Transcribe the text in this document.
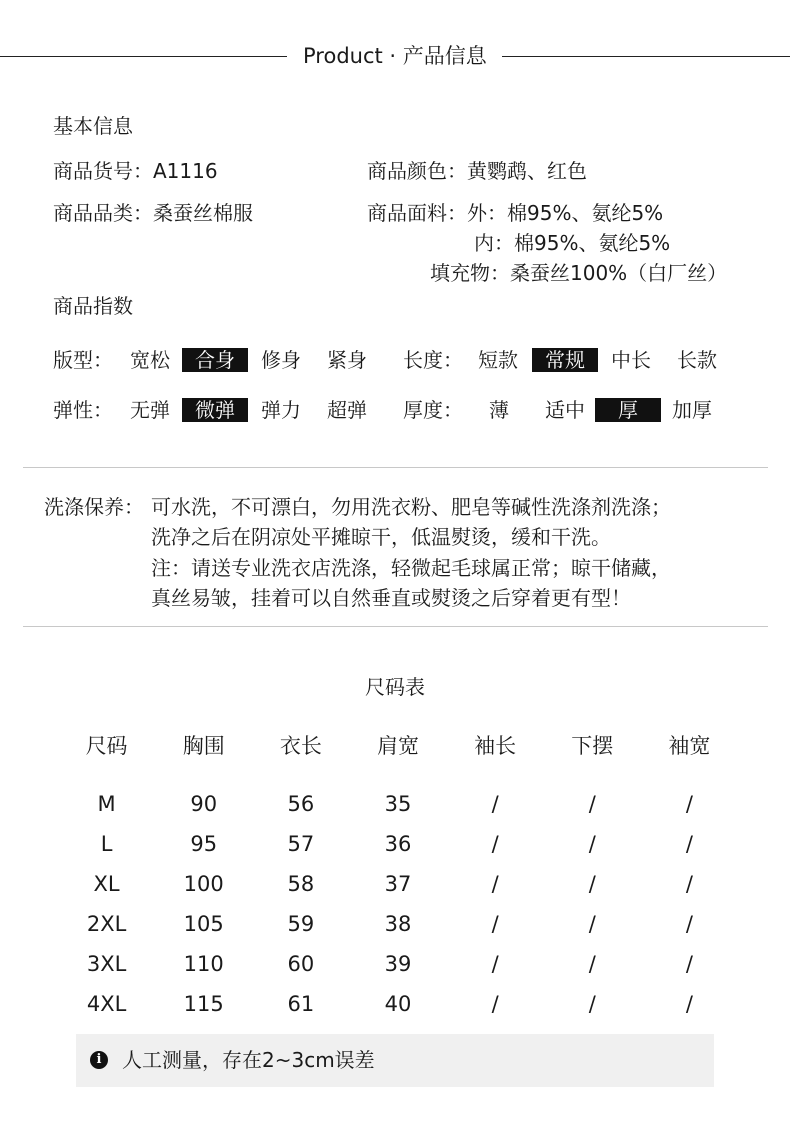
Product · 产品信息
基本信息
商品货号：A1116	商品颜色：黄鹦鹉、红色
商品品类：桑蚕丝棉服	商品面料：外：棉95%、氨纶5%
内：棉95%、氨纶5%
填充物：桑蚕丝100%（白厂丝）
商品指数
版型： 宽松	合身	修身 紧身 长度： 短款	常规	中长 长款
弹性： 无弹	微弹	弹力 超弹 厚度： 薄 适中	厚	加厚
洗涤保养： 可水洗，不可漂白，勿用洗衣粉、肥皂等碱性洗涤剂洗涤；
洗净之后在阴凉处平摊晾干，低温熨烫，缓和干洗。
注：请送专业洗衣店洗涤，轻微起毛球属正常；晾干储藏，
真丝易皱，挂着可以自然垂直或熨烫之后穿着更有型！
尺码表
尺码	胸围	衣长	肩宽	袖长	下摆	袖宽
M	90	56	35	/	/	/
L	95	57	36	/	/	/
XL	100	58	37	/	/	/
2XL	105	59	38	/	/	/
3XL	110	60	39	/	/	/
4XL	115	61	40	/	/	/
i	人工测量，存在2~3cm误差
